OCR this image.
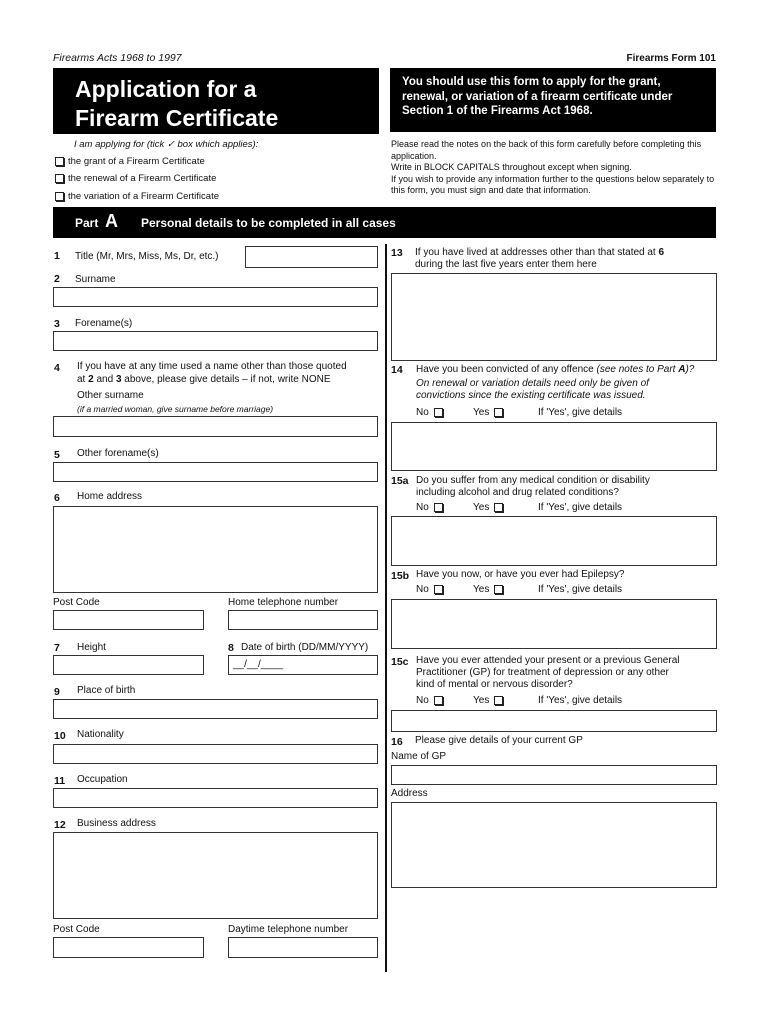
Firearms Acts 1968 to 1997	Firearms Form 101
Application for a
Firearm Certificate
You should use this form to apply for the grant, renewal, or variation of a firearm certificate under Section 1 of the Firearms Act 1968.
I am applying for (tick ✓ box which applies):
the grant of a Firearm Certificate
the renewal of a Firearm Certificate
the variation of a Firearm Certificate
Please read the notes on the back of this form carefully before completing this application.
Write in BLOCK CAPITALS throughout except when signing.
If you wish to provide any information further to the questions below separately to this form, you must sign and date that information.
Part A Personal details to be completed in all cases
1 Title (Mr, Mrs, Miss, Ms, Dr, etc.)
2 Surname
3 Forename(s)
4 If you have at any time used a name other than those quoted
at 2 and 3 above, please give details – if not, write NONE
Other surname
(if a married woman, give surname before marriage)
5 Other forename(s)
6 Home address
Post Code	Home telephone number
7 Height	8 Date of birth (DD/MM/YYYY)
__/__/____
9 Place of birth
10 Nationality
11 Occupation
12 Business address
Post Code	Daytime telephone number
13 If you have lived at addresses other than that stated at 6
during the last five years enter them here
14 Have you been convicted of any offence (see notes to Part A)?
On renewal or variation details need only be given of
convictions since the existing certificate was issued.
No	Yes	If 'Yes', give details
15a Do you suffer from any medical condition or disability
including alcohol and drug related conditions?
No	Yes	If 'Yes', give details
15b Have you now, or have you ever had Epilepsy?
No	Yes	If 'Yes', give details
15c Have you ever attended your present or a previous General
Practitioner (GP) for treatment of depression or any other
kind of mental or nervous disorder?
No	Yes	If 'Yes', give details
16 Please give details of your current GP
Name of GP
Address
